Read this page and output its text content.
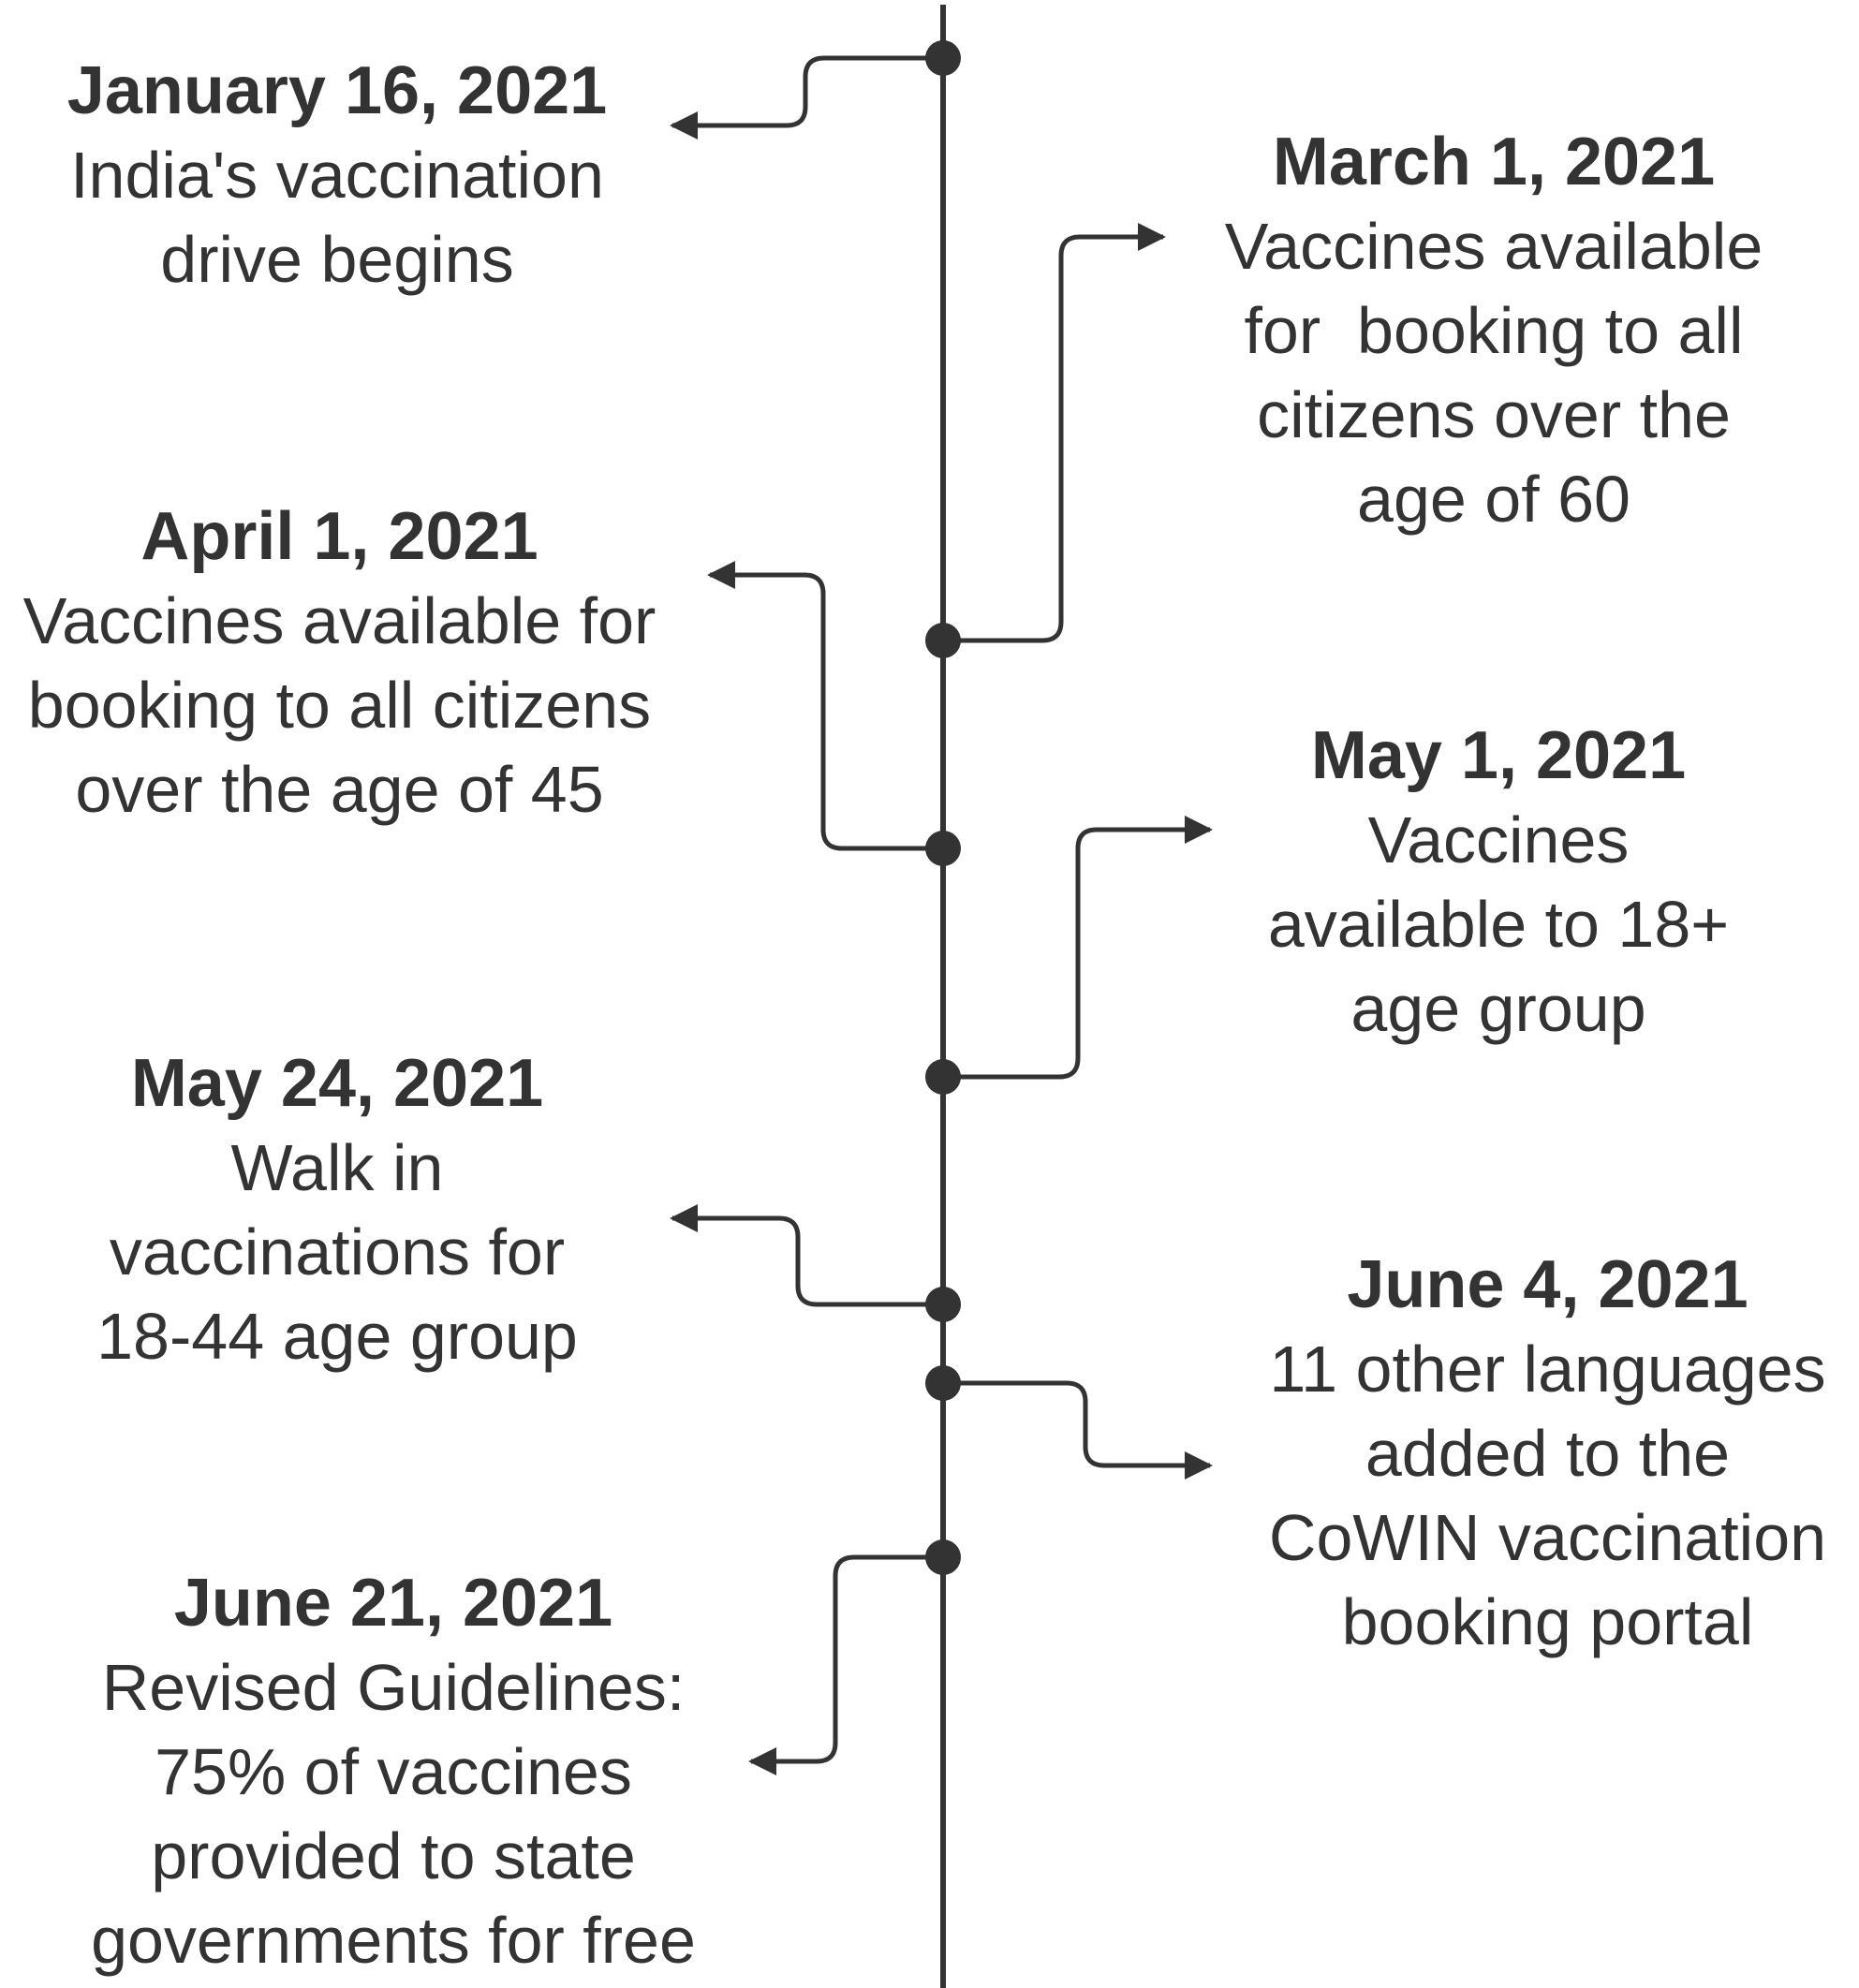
January 16, 2021
India's vaccination
drive begins
March 1, 2021
Vaccines available
for  booking to all
citizens over the
age of 60
April 1, 2021
Vaccines available for
booking to all citizens
over the age of 45	May 1, 2021
Vaccines
available to 18+
age group
May 24, 2021
Walk in
vaccinations for
18-44 age group
June 4, 2021
11 other languages
added to the
CoWIN vaccination
booking portal
June 21, 2021
Revised Guidelines:
75% of vaccines
provided to state
governments for free
